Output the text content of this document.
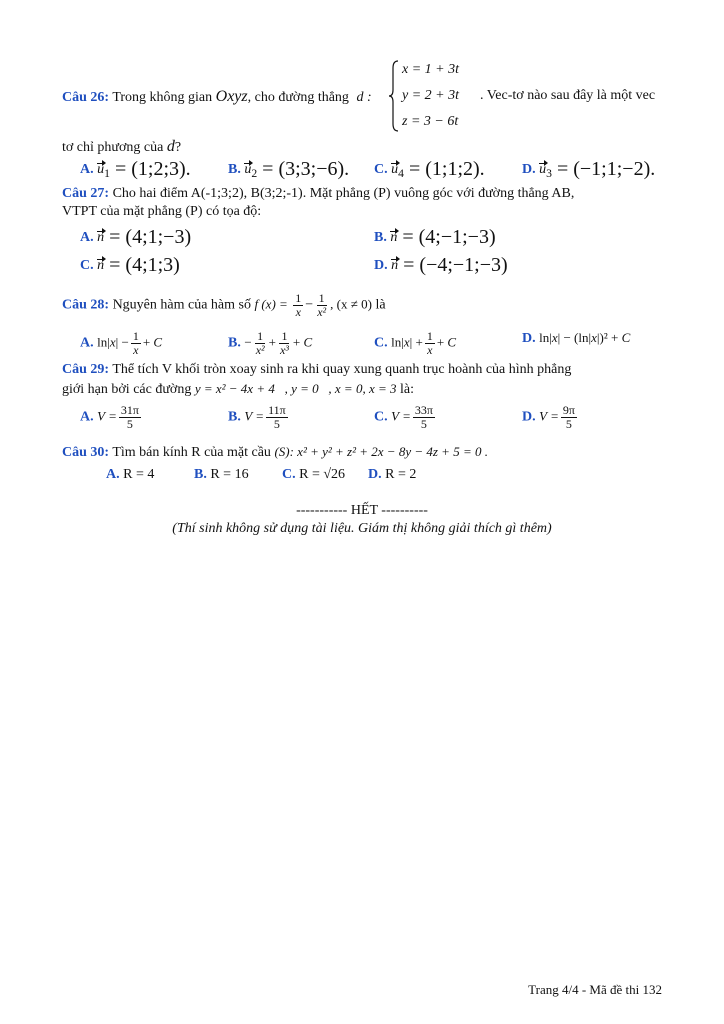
x = 1 + 3t
y = 2 + 3t
z = 3 − 6t
Câu 26: Trong không gian Oxyz, cho đường thẳng d :	. Vec-tơ nào sau đây là một vec
tơ chỉ phương của d?
A. $u_1$ = (1;2;3).	B. $u_2$ = (3;3;−6). C. $u_4$ = (1;1;2).	D. $u_3$ = (−1;1;−2).
Câu 27: Cho hai điểm A(-1;3;2), B(3;2;-1). Mặt phẳng (P) vuông góc với đường thẳng AB,
VTPT của mặt phẳng (P) có tọa độ:
A. n = (4;1;−3)	B. n = (4;−1;−3)
C. n = (4;1;3)	D. n = (−4;−1;−3)
Câu 28: Nguyên hàm của hàm số f $(x) = \frac{1}{x} - \frac{1}{\text{x²}}$ , (x ≠ 0) là
A. $\ln|x| - \frac{1}{x} + C$	B. − $\frac{1}{\text{x²}} + \frac{1}{\text{x³}} + C$	C. $\ln|x| + \frac{1}{x} + C$	D. ln|x| − (ln|x|)² + C
Câu 29: Thể tích V khối tròn xoay sinh ra khi quay xung quanh trục hoành của hình phẳng
giới hạn bởi các đường y = x² − 4x + 4   , y = 0   , x = 0, x = 3 là:
A. $V = \frac{31\pi}{5}$	B. $V = \frac{11\pi}{5}$	C. $V = \frac{33\pi}{5}$	D. $V = \frac{9\pi}{5}$
Câu 30: Tìm bán kính R của mặt cầu (S): x² + y² + z² + 2x − 8y − 4z + 5 = 0 .
A. R = 4	B. R = 16 C. R = √26 D. R = 2
----------- HẾT ----------
(Thí sinh không sử dụng tài liệu. Giám thị không giải thích gì thêm)
Trang 4/4 - Mã đề thi 132
